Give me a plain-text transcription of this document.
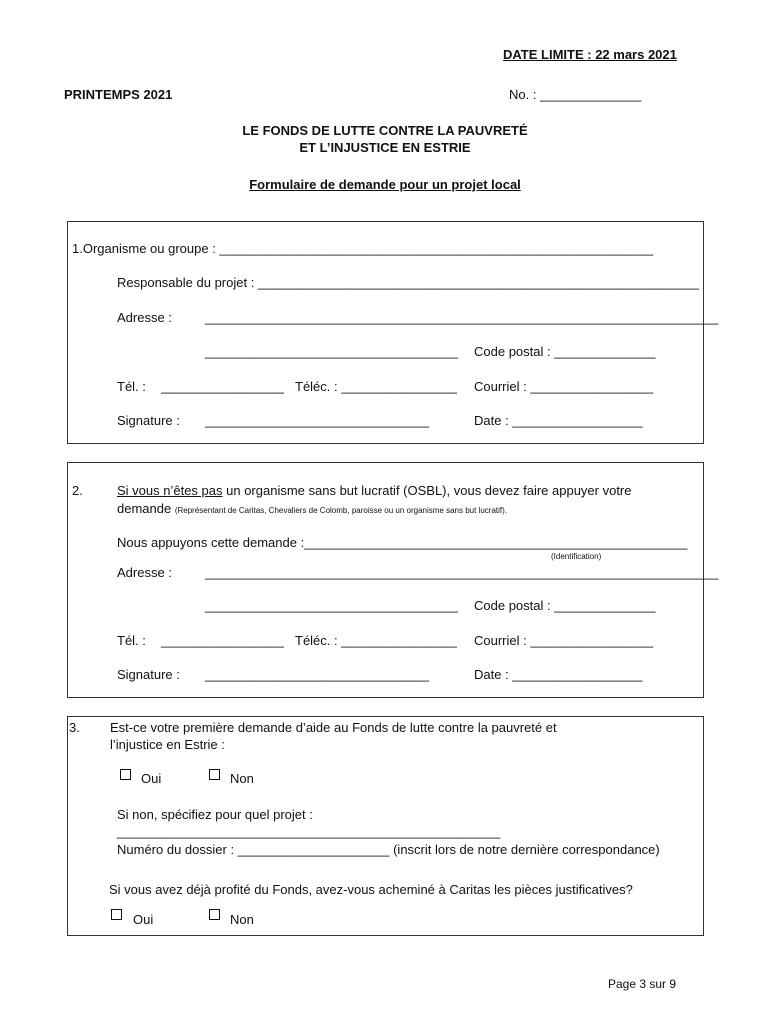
DATE LIMITE : 22 mars 2021
PRINTEMPS 2021	No. : ______________
LE FONDS DE LUTTE CONTRE LA PAUVRETÉ
ET L’INJUSTICE EN ESTRIE
Formulaire de demande pour un projet local
1.Organisme ou groupe : ____________________________________________________________
Responsable du projet : _____________________________________________________________
Adresse :	_______________________________________________________________________
___________________________________ Code postal : ______________
Tél. : _________________ Téléc. : ________________ Courriel : _________________
Signature : _______________________________	Date : __________________
2.	Si vous n’êtes pas un organisme sans but lucratif (OSBL), vous devez faire appuyer votre
demande (Représentant de Caritas, Chevaliers de Colomb, paroisse ou un organisme sans but lucratif).
Nous appuyons cette demande :_____________________________________________________
(Identification)
Adresse :	_______________________________________________________________________
___________________________________ Code postal : ______________
Tél. : _________________ Téléc. : ________________ Courriel : _________________
Signature : _______________________________	Date : __________________
3. Est-ce votre première demande d’aide au Fonds de lutte contre la pauvreté et
l’injustice en Estrie :
Oui	Non
Si non, spécifiez pour quel projet :
_____________________________________________________
Numéro du dossier : _____________________ (inscrit lors de notre dernière correspondance)
Si vous avez déjà profité du Fonds, avez-vous acheminé à Caritas les pièces justificatives?
Oui	Non
Page 3 sur 9
